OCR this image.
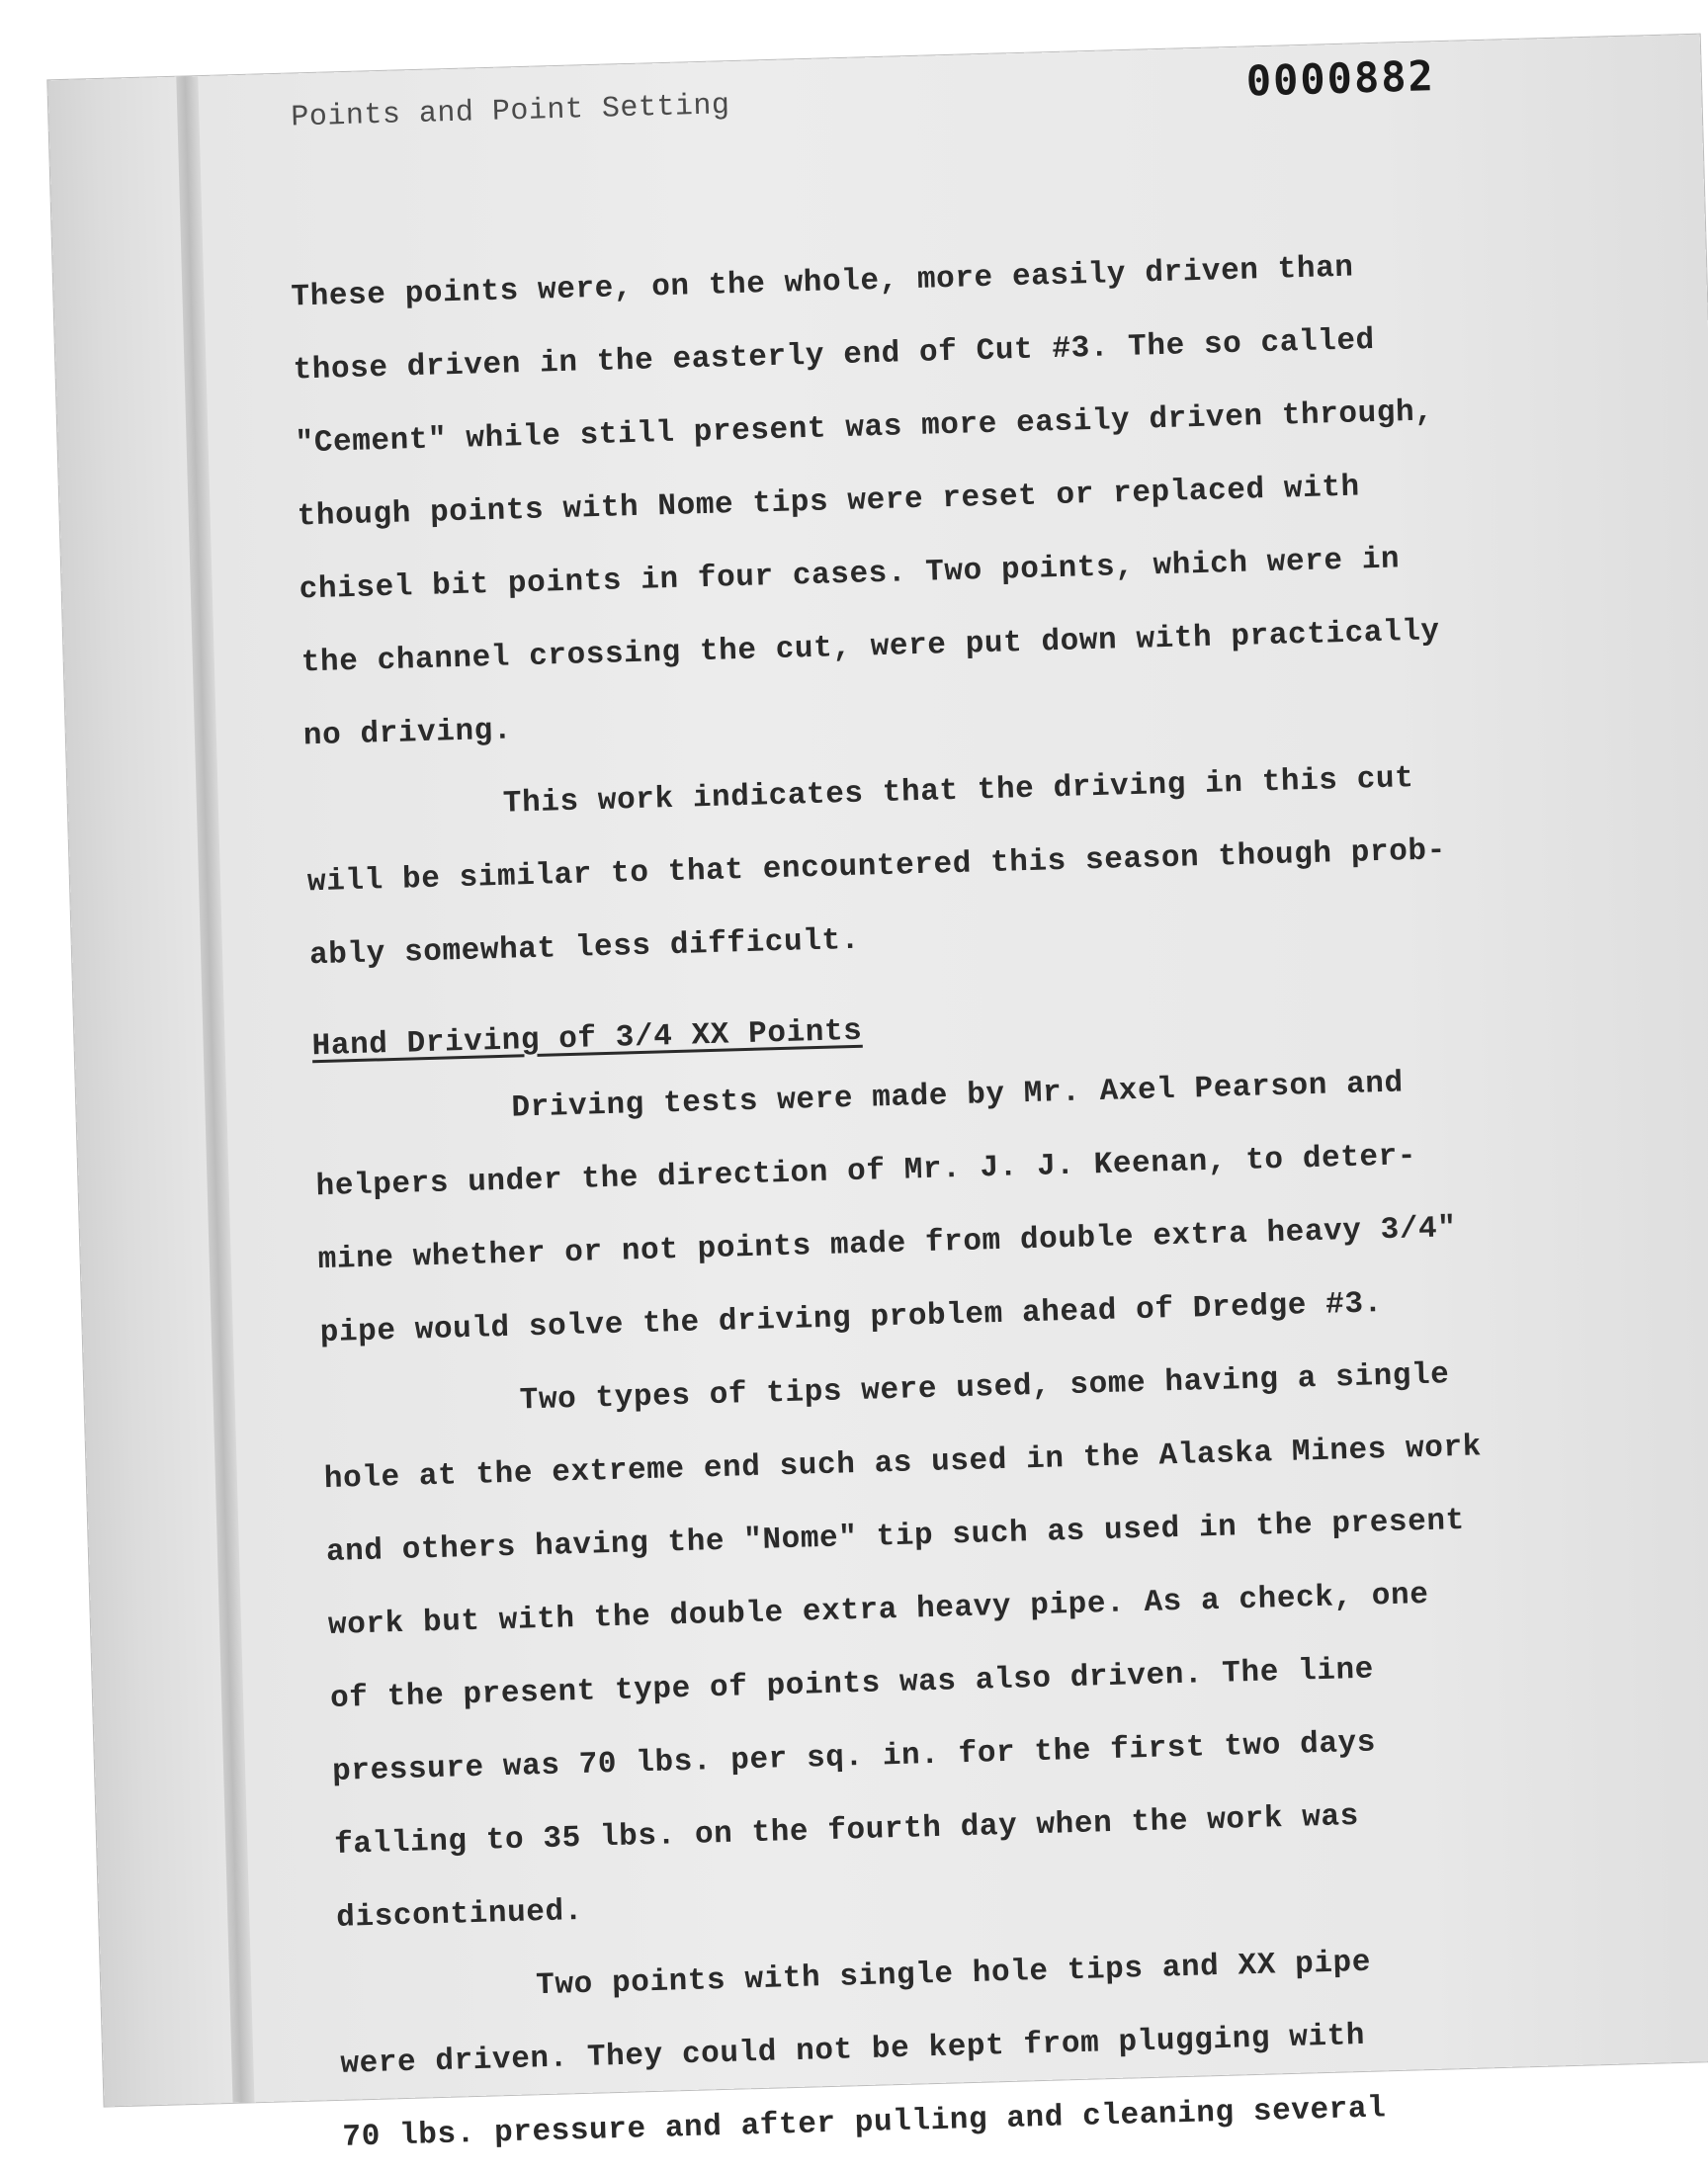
Points and Point Setting
0000882
These points were, on the whole, more easily driven than
those driven in the easterly end of Cut #3. The so called
"Cement" while still present was more easily driven through,
though points with Nome tips were reset or replaced with
chisel bit points in four cases. Two points, which were in
the channel crossing the cut, were put down with practically
no driving.
This work indicates that the driving in this cut
will be similar to that encountered this season though prob-
ably somewhat less difficult.
Hand Driving of 3/4 XX Points
Driving tests were made by Mr. Axel Pearson and
helpers under the direction of Mr. J. J. Keenan, to deter-
mine whether or not points made from double extra heavy 3/4"
pipe would solve the driving problem ahead of Dredge #3.
Two types of tips were used, some having a single
hole at the extreme end such as used in the Alaska Mines work
and others having the "Nome" tip such as used in the present
work but with the double extra heavy pipe. As a check, one
of the present type of points was also driven. The line
pressure was 70 lbs. per sq. in. for the first two days
falling to 35 lbs. on the fourth day when the work was
discontinued.
Two points with single hole tips and XX pipe
were driven. They could not be kept from plugging with
70 lbs. pressure and after pulling and cleaning several
